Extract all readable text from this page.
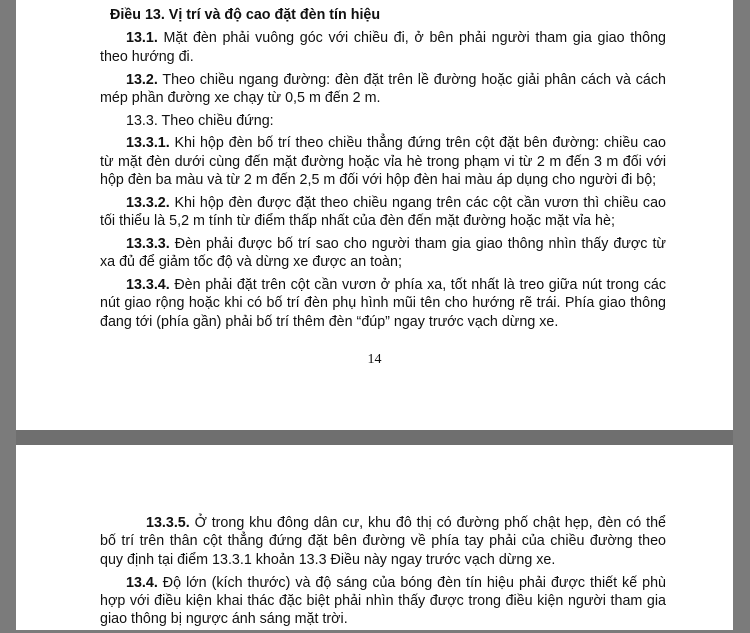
Điều 13. Vị trí và độ cao đặt đèn tín hiệu

13.1. Mặt đèn phải vuông góc với chiều đi, ở bên phải người tham gia giao thông theo hướng đi.

13.2. Theo chiều ngang đường: đèn đặt trên lề đường hoặc giải phân cách và cách mép phần đường xe chạy từ 0,5 m đến 2 m.

13.3. Theo chiều đứng:

13.3.1. Khi hộp đèn bố trí theo chiều thẳng đứng trên cột đặt bên đường: chiều cao từ mặt đèn dưới cùng đến mặt đường hoặc vỉa hè trong phạm vi từ 2 m đến 3 m đối với hộp đèn ba màu và từ 2 m đến 2,5 m đối với hộp đèn hai màu áp dụng cho người đi bộ;

13.3.2. Khi hộp đèn được đặt theo chiều ngang trên các cột cần vươn thì chiều cao tối thiểu là 5,2 m tính từ điểm thấp nhất của đèn đến mặt đường hoặc mặt vỉa hè;

13.3.3. Đèn phải được bố trí sao cho người tham gia giao thông nhìn thấy được từ xa đủ để giảm tốc độ và dừng xe được an toàn;

13.3.4. Đèn phải đặt trên cột cần vươn ở phía xa, tốt nhất là treo giữa nút trong các nút giao rộng hoặc khi có bố trí đèn phụ hình mũi tên cho hướng rẽ trái. Phía giao thông đang tới (phía gần) phải bố trí thêm đèn “đúp” ngay trước vạch dừng xe.

14

13.3.5. Ở trong khu đông dân cư, khu đô thị có đường phố chật hẹp, đèn có thể bố trí trên thân cột thẳng đứng đặt bên đường về phía tay phải của chiều đường theo quy định tại điểm 13.3.1 khoản 13.3 Điều này ngay trước vạch dừng xe.

13.4. Độ lớn (kích thước) và độ sáng của bóng đèn tín hiệu phải được thiết kế phù hợp với điều kiện khai thác đặc biệt phải nhìn thấy được trong điều kiện người tham gia giao thông bị ngược ánh sáng mặt trời.
